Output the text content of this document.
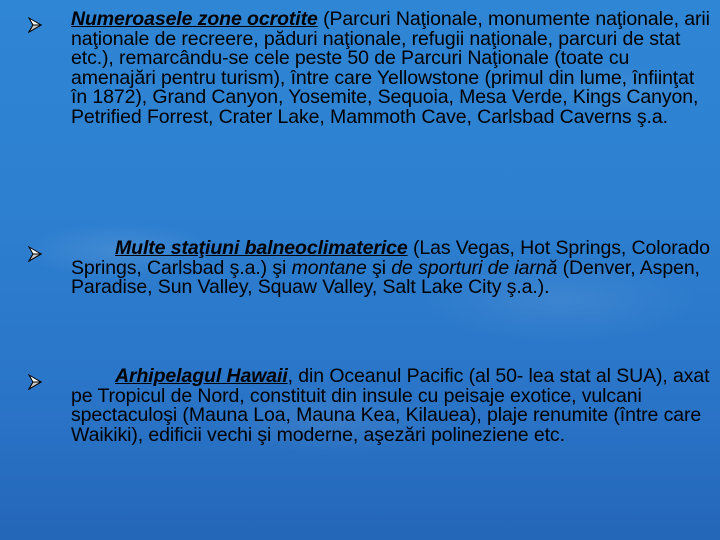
Numeroasele zone ocrotite (Parcuri Naţionale, monumente naţionale, arii naţionale de recreere, păduri naţionale, refugii naţionale, parcuri de stat etc.), remarcându-se cele peste 50 de Parcuri Naţionale (toate cu amenajări pentru turism), între care Yellowstone (primul din lume, înfiinţat în 1872), Grand Canyon, Yosemite, Sequoia, Mesa Verde, Kings Canyon, Petrified Forrest, Crater Lake, Mammoth Cave, Carlsbad Caverns ş.a.
Multe staţiuni balneoclimaterice (Las Vegas, Hot Springs, Colorado Springs, Carlsbad ş.a.) şi montane şi de sporturi de iarnă (Denver, Aspen, Paradise, Sun Valley, Squaw Valley, Salt Lake City ş.a.).
Arhipelagul Hawaii, din Oceanul Pacific (al 50- lea stat al SUA), axat pe Tropicul de Nord, constituit din insule cu peisaje exotice, vulcani spectaculoşi (Mauna Loa, Mauna Kea, Kilauea), plaje renumite (între care Waikiki), edificii vechi şi moderne, aşezări polineziene etc.
